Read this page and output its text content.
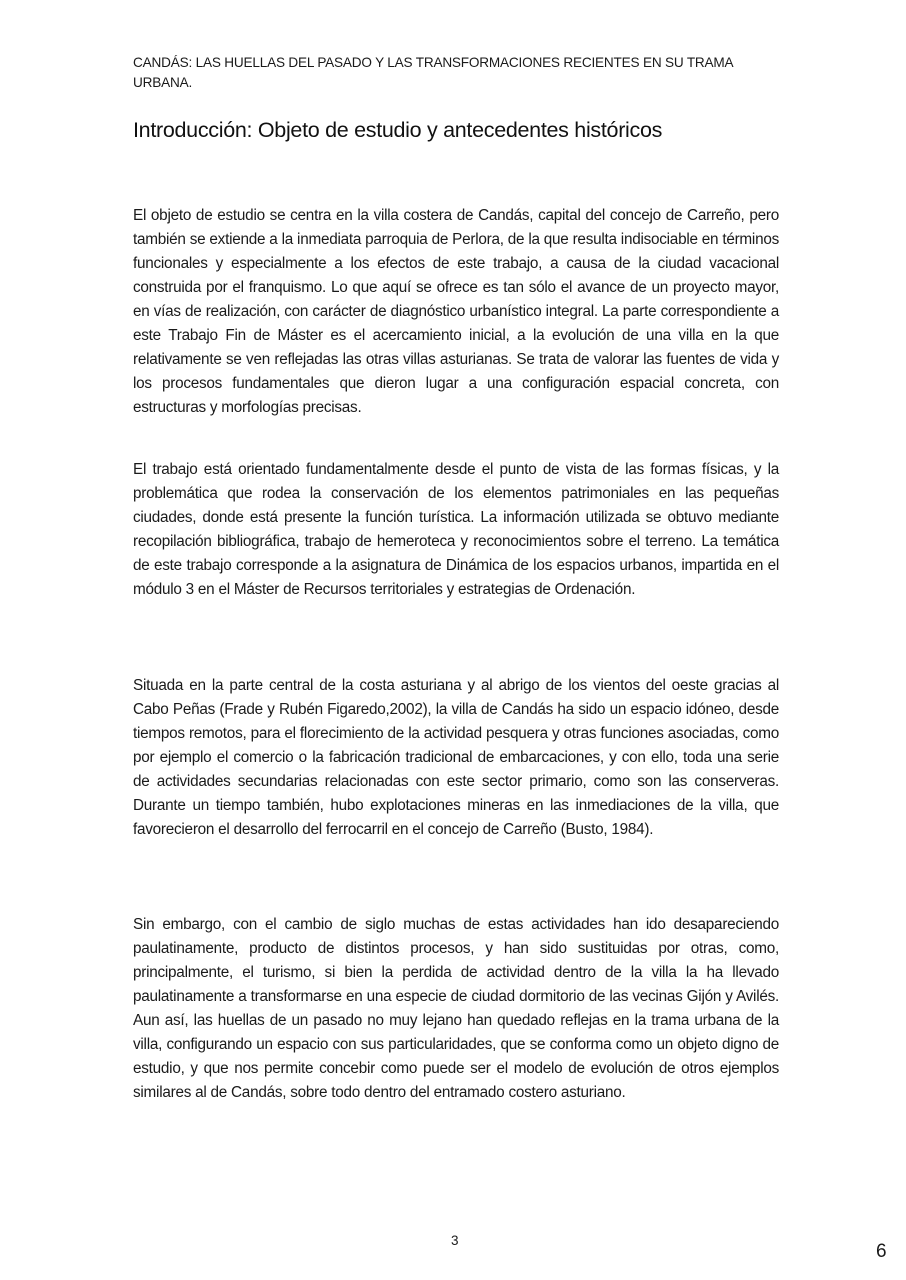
CANDÁS: LAS HUELLAS DEL PASADO Y LAS TRANSFORMACIONES RECIENTES EN SU TRAMA URBANA.
Introducción: Objeto de estudio y antecedentes históricos

El objeto de estudio se centra en la villa costera de Candás, capital del concejo de Carreño, pero también se extiende a la inmediata parroquia de Perlora, de la que resulta indisociable en términos funcionales y especialmente a los efectos de este trabajo, a causa de la ciudad vacacional construida por el franquismo. Lo que aquí se ofrece es tan sólo el avance de un proyecto mayor, en vías de realización, con carácter de diagnóstico urbanístico integral. La parte correspondiente a este Trabajo Fin de Máster es el acercamiento inicial, a la evolución de una villa en la que relativamente se ven reflejadas las otras villas asturianas. Se trata de valorar las fuentes de vida y los procesos fundamentales que dieron lugar a una configuración espacial concreta, con estructuras y morfologías precisas.

El trabajo está orientado fundamentalmente desde el punto de vista de las formas físicas, y la problemática que rodea la conservación de los elementos patrimoniales en las pequeñas ciudades, donde está presente la función turística. La información utilizada se obtuvo mediante recopilación bibliográfica, trabajo de hemeroteca y reconocimientos sobre el terreno. La temática de este trabajo corresponde a la asignatura de Dinámica de los espacios urbanos, impartida en el módulo 3 en el Máster de Recursos territoriales y estrategias de Ordenación.

Situada en la parte central de la costa asturiana y al abrigo de los vientos del oeste gracias al Cabo Peñas (Frade y Rubén Figaredo,2002), la villa de Candás ha sido un espacio idóneo, desde tiempos remotos, para el florecimiento de la actividad pesquera y otras funciones asociadas, como por ejemplo el comercio o la fabricación tradicional de embarcaciones, y con ello, toda una serie de actividades secundarias relacionadas con este sector primario, como son las conserveras. Durante un tiempo también, hubo explotaciones mineras en las inmediaciones de la villa, que favorecieron el desarrollo del ferrocarril en el concejo de Carreño (Busto, 1984).

Sin embargo, con el cambio de siglo muchas de estas actividades han ido desapareciendo paulatinamente, producto de distintos procesos, y han sido sustituidas por otras, como, principalmente, el turismo, si bien la perdida de actividad dentro de la villa la ha llevado paulatinamente a transformarse en una especie de ciudad dormitorio de las vecinas Gijón y Avilés. Aun así, las huellas de un pasado no muy lejano han quedado reflejas en la trama urbana de la villa, configurando un espacio con sus particularidades, que se conforma como un objeto digno de estudio, y que nos permite concebir como puede ser el modelo de evolución de otros ejemplos similares al de Candás, sobre todo dentro del entramado costero asturiano.

3
6
